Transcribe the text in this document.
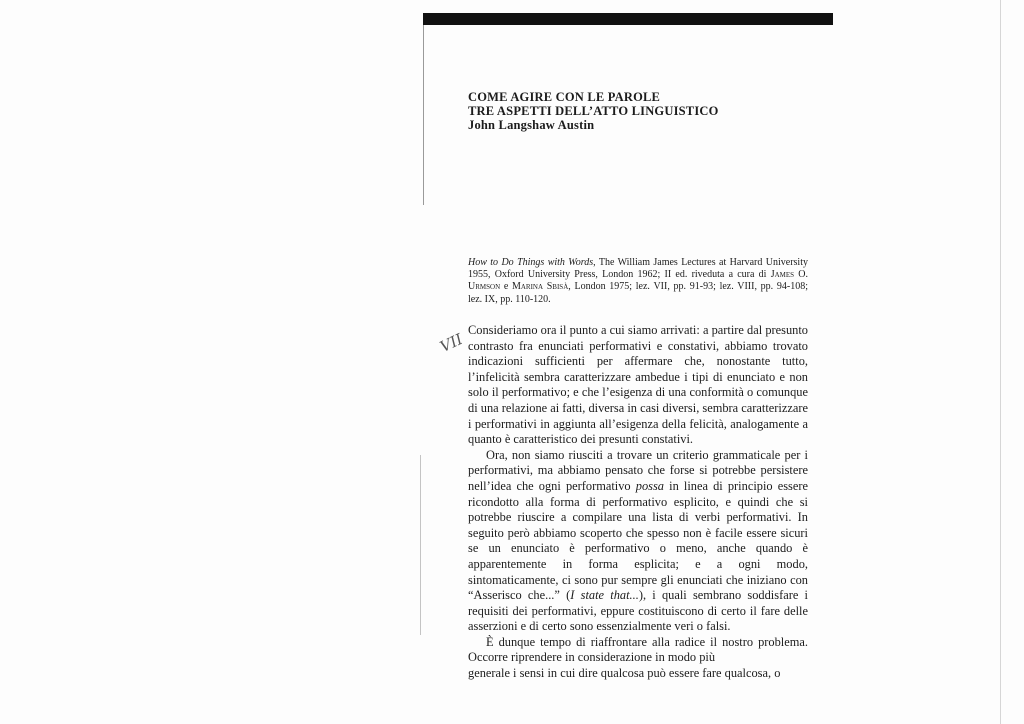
COME AGIRE CON LE PAROLE
TRE ASPETTI DELL’ATTO LINGUISTICO
John Langshaw Austin
How to Do Things with Words, The William James Lectures at Harvard University 1955, Oxford University Press, London 1962; II ed. riveduta a cura di James O. Urmson e Marina Sbisà, London 1975; lez. VII, pp. 91-93; lez. VIII, pp. 94-108; lez. IX, pp. 110-120.
VII

Consideriamo ora il punto a cui siamo arrivati: a partire dal presunto contrasto fra enunciati performativi e constativi, abbiamo trovato indicazioni sufficienti per affermare che, nonostante tutto, l’infelicità sembra caratterizzare ambedue i tipi di enunciato e non solo il performativo; e che l’esigenza di una conformità o comunque di una relazione ai fatti, diversa in casi diversi, sembra caratterizzare i performativi in aggiunta all’esigenza della felicità, analogamente a quanto è caratteristico dei presunti constativi.

Ora, non siamo riusciti a trovare un criterio grammaticale per i performativi, ma abbiamo pensato che forse si potrebbe persistere nell’idea che ogni performativo possa in linea di principio essere ricondotto alla forma di performativo esplicito, e quindi che si potrebbe riuscire a compilare una lista di verbi performativi. In seguito però abbiamo scoperto che spesso non è facile essere sicuri se un enunciato è performativo o meno, anche quando è apparentemente in forma esplicita; e a ogni modo, sintomaticamente, ci sono pur sempre gli enunciati che iniziano con “Asserisco che...” (I state that...), i quali sembrano soddisfare i requisiti dei performativi, eppure costituiscono di certo il fare delle asserzioni e di certo sono essenzialmente veri o falsi.

È dunque tempo di riaffrontare alla radice il nostro problema. Occorre riprendere in considerazione in modo più

generale i sensi in cui dire qualcosa può essere fare qualcosa, o
